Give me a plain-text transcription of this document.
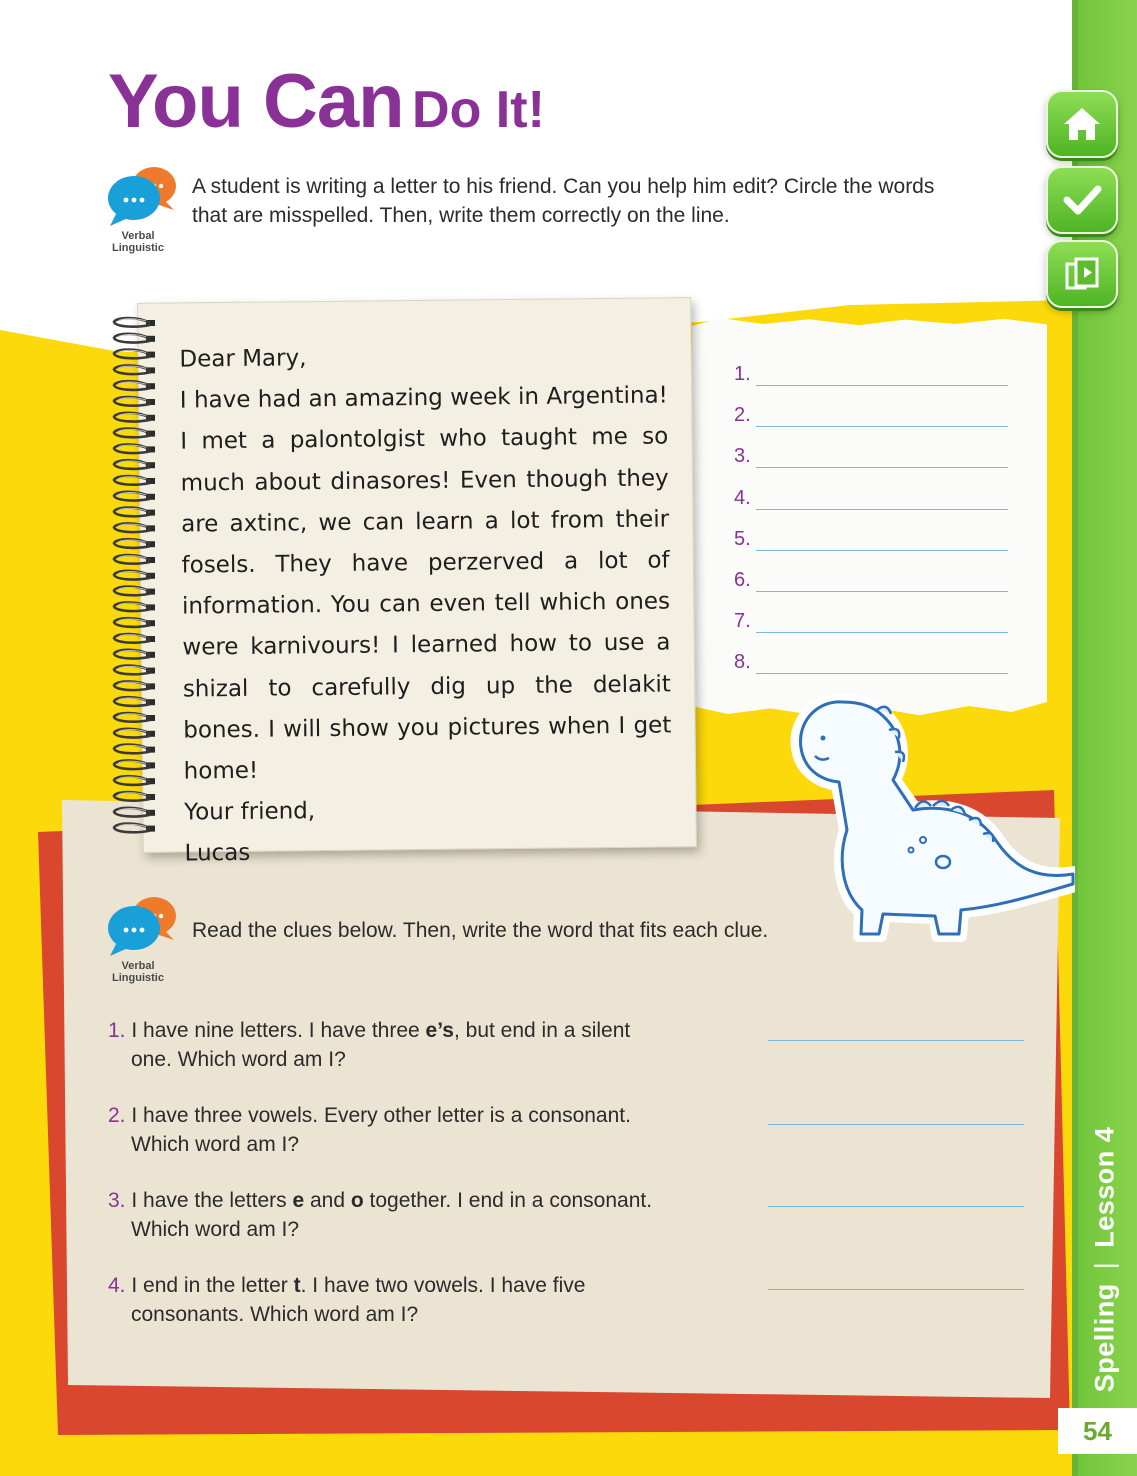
Spelling|Lesson 4
54
You Can Do It!
Verbal
Linguistic
A student is writing a letter to his friend. Can you help him edit? Circle the words
that are misspelled. Then, write them correctly on the line.
1.
2.
3.
4.
5.
6.
7.
8.

Dear Mary,

I have had an amazing week in Argentina! I met a palontolgist who taught me so much about dinasores! Even though they are axtinc, we can learn a lot from their fosels. They have perzerved a lot of information. You can even tell which ones were karnivours! I learned how to use a shizal to carefully dig up the delakit bones. I will show you pictures when I get home!

Your friend,

Lucas

Verbal
Linguistic
Read the clues below. Then, write the word that fits each clue.
1. I have nine letters. I have three e’s, but end in a silent
one. Which word am I?
2. I have three vowels. Every other letter is a consonant.
Which word am I?
3. I have the letters e and o together. I end in a consonant.
Which word am I?
4. I end in the letter t. I have two vowels. I have five
consonants. Which word am I?
